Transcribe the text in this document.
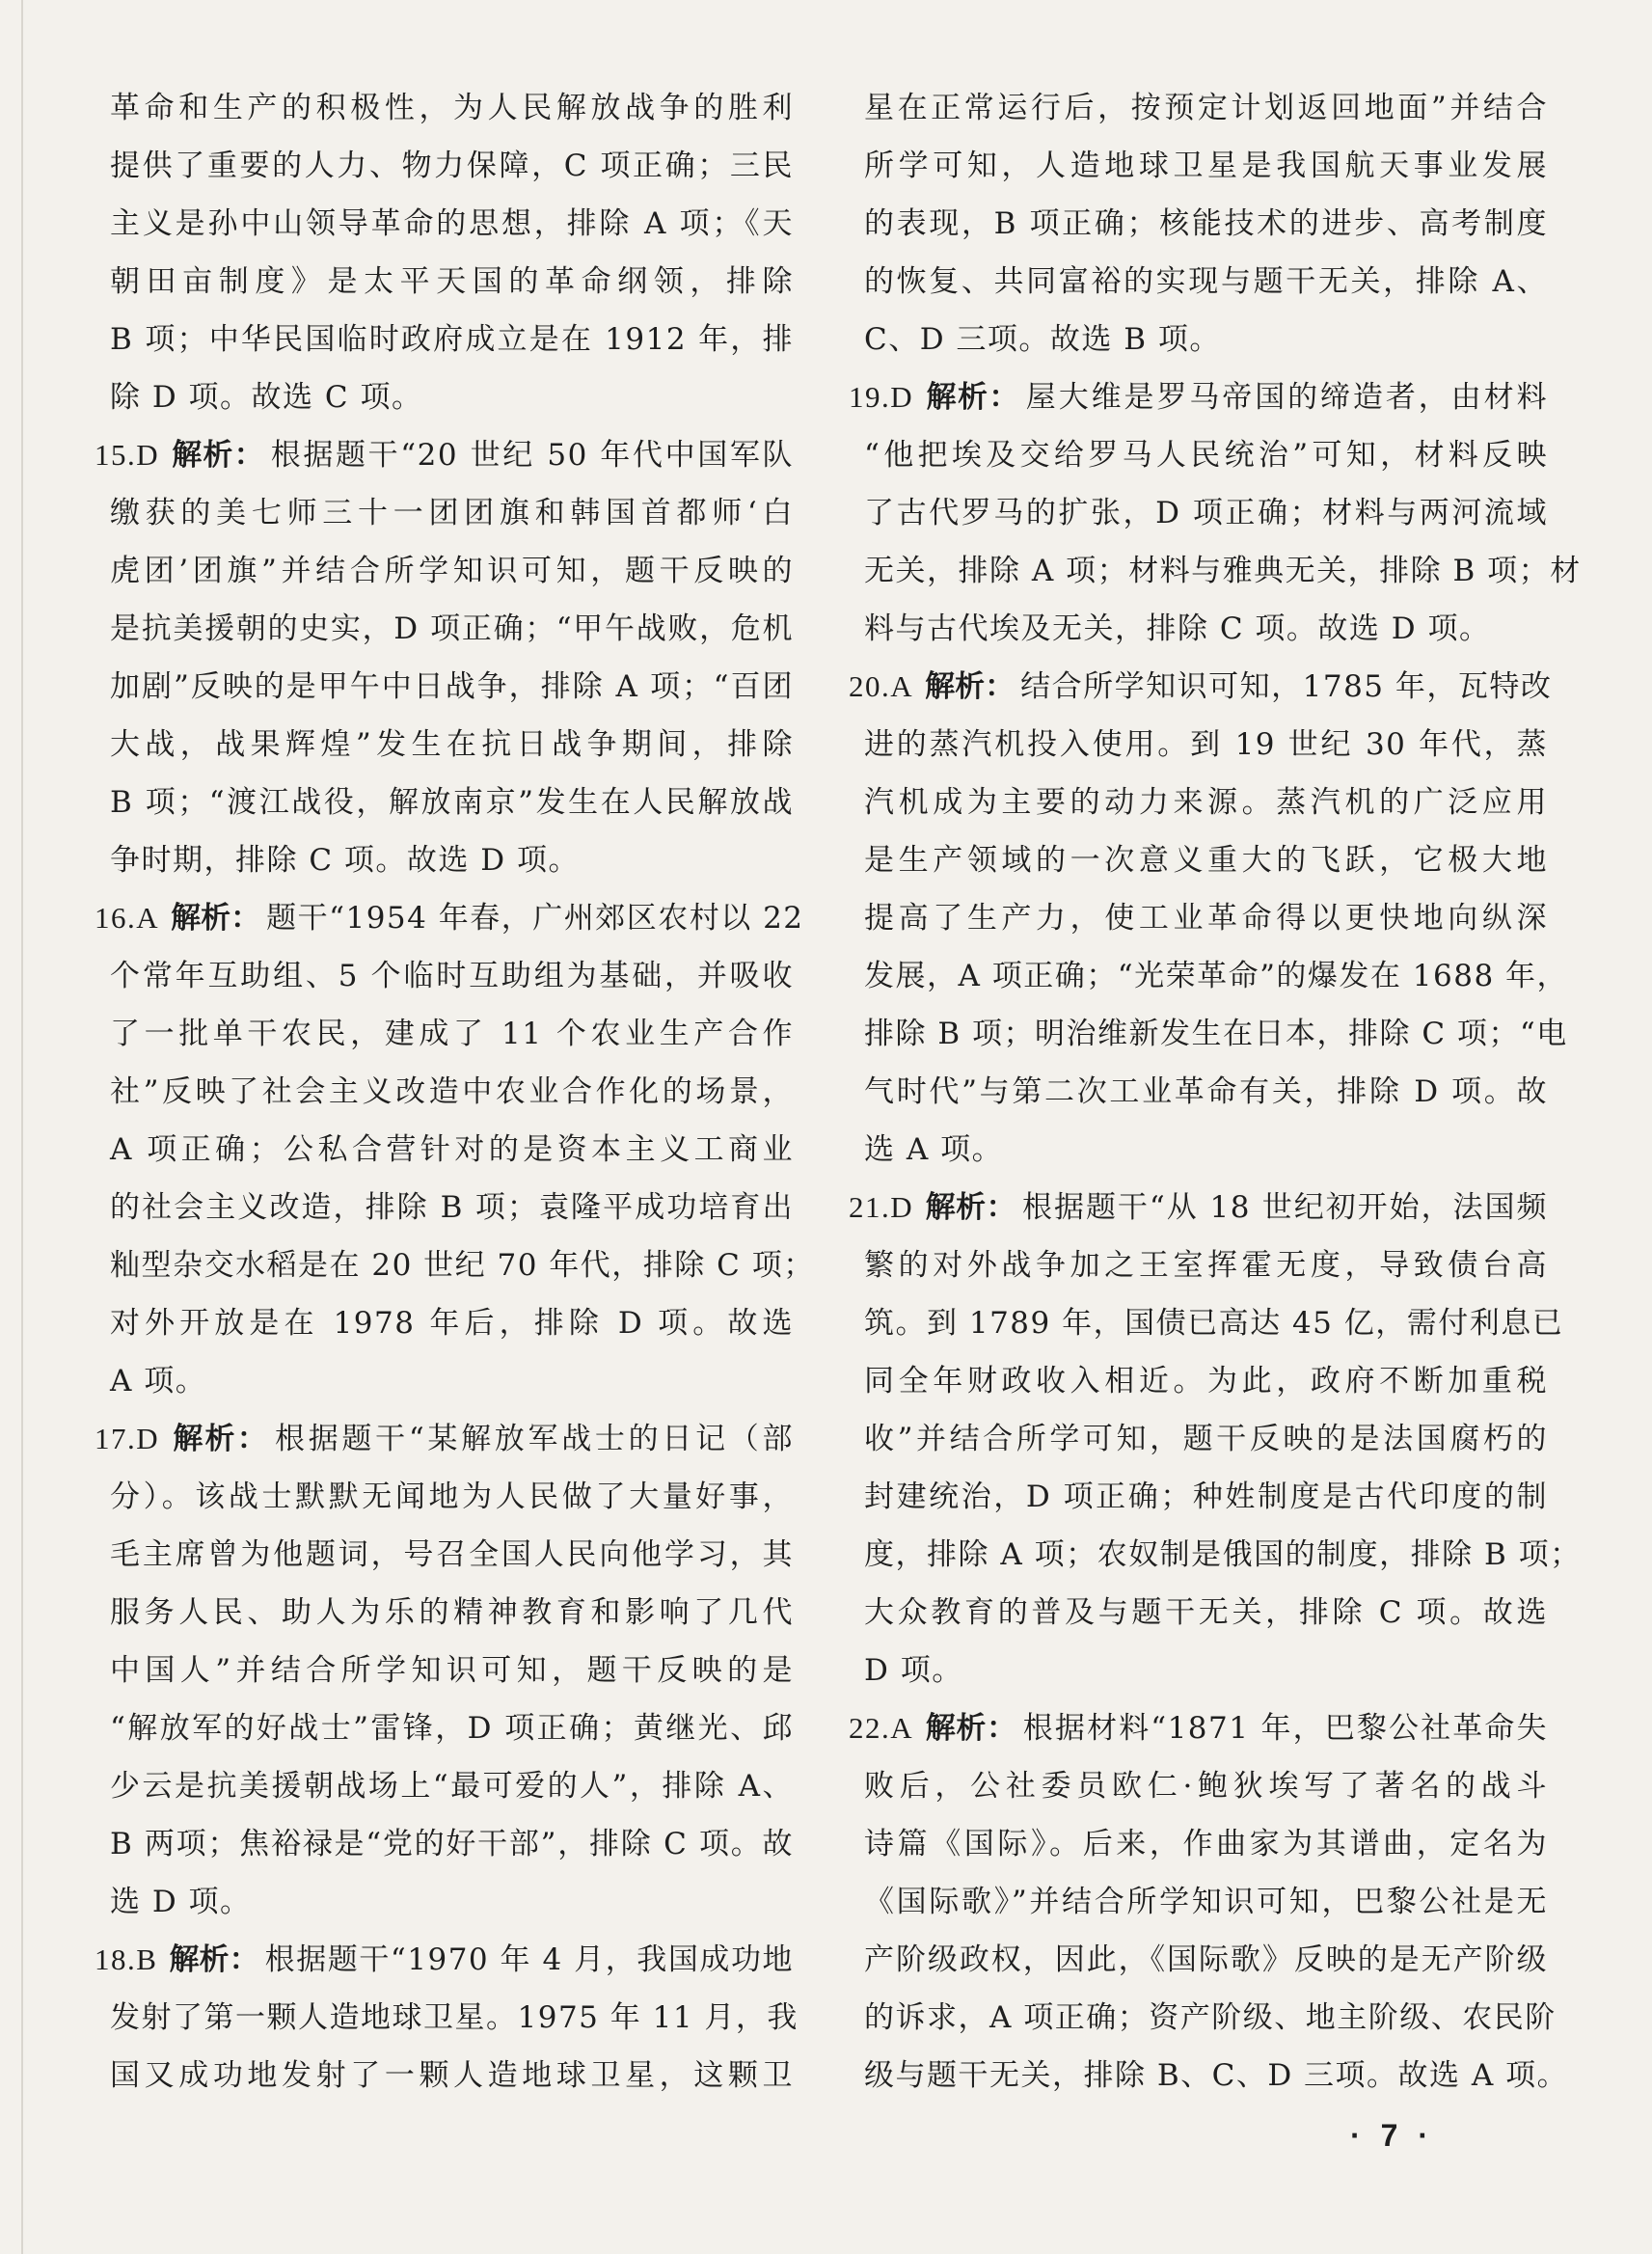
革命和生产的积极性，为人民解放战争的胜利
提供了重要的人力、物力保障，C 项正确；三民
主义是孙中山领导革命的思想，排除 A 项；《天
朝田亩制度》是太平天国的革命纲领，排除
B 项；中华民国临时政府成立是在 1912 年，排
除 D 项。故选 C 项。
15.D 解析： 根据题干“20 世纪 50 年代中国军队
缴获的美七师三十一团团旗和韩国首都师‘白
虎团’团旗”并结合所学知识可知，题干反映的
是抗美援朝的史实，D 项正确；“甲午战败，危机
加剧”反映的是甲午中日战争，排除 A 项；“百团
大战，战果辉煌”发生在抗日战争期间，排除
B 项；“渡江战役，解放南京”发生在人民解放战
争时期，排除 C 项。故选 D 项。
16.A 解析： 题干“1954 年春，广州郊区农村以 22
个常年互助组、5 个临时互助组为基础，并吸收
了一批单干农民，建成了 11 个农业生产合作
社”反映了社会主义改造中农业合作化的场景，
A 项正确；公私合营针对的是资本主义工商业
的社会主义改造，排除 B 项；袁隆平成功培育出
籼型杂交水稻是在 20 世纪 70 年代，排除 C 项；
对外开放是在 1978 年后，排除 D 项。故选
A 项。
17.D 解析： 根据题干“某解放军战士的日记（部
分）。该战士默默无闻地为人民做了大量好事，
毛主席曾为他题词，号召全国人民向他学习，其
服务人民、助人为乐的精神教育和影响了几代
中国人”并结合所学知识可知，题干反映的是
“解放军的好战士”雷锋，D 项正确；黄继光、邱
少云是抗美援朝战场上“最可爱的人”，排除 A、
B 两项；焦裕禄是“党的好干部”，排除 C 项。故
选 D 项。
18.B 解析： 根据题干“1970 年 4 月，我国成功地
发射了第一颗人造地球卫星。1975 年 11 月，我
国又成功地发射了一颗人造地球卫星，这颗卫
星在正常运行后，按预定计划返回地面”并结合
所学可知，人造地球卫星是我国航天事业发展
的表现，B 项正确；核能技术的进步、高考制度
的恢复、共同富裕的实现与题干无关，排除 A、
C、D 三项。故选 B 项。
19.D 解析： 屋大维是罗马帝国的缔造者，由材料
“他把埃及交给罗马人民统治”可知，材料反映
了古代罗马的扩张，D 项正确；材料与两河流域
无关，排除 A 项；材料与雅典无关，排除 B 项；材
料与古代埃及无关，排除 C 项。故选 D 项。
20.A 解析： 结合所学知识可知，1785 年，瓦特改
进的蒸汽机投入使用。到 19 世纪 30 年代，蒸
汽机成为主要的动力来源。蒸汽机的广泛应用
是生产领域的一次意义重大的飞跃，它极大地
提高了生产力，使工业革命得以更快地向纵深
发展，A 项正确；“光荣革命”的爆发在 1688 年，
排除 B 项；明治维新发生在日本，排除 C 项；“电
气时代”与第二次工业革命有关，排除 D 项。故
选 A 项。
21.D 解析： 根据题干“从 18 世纪初开始，法国频
繁的对外战争加之王室挥霍无度，导致债台高
筑。到 1789 年，国债已高达 45 亿，需付利息已
同全年财政收入相近。为此，政府不断加重税
收”并结合所学可知，题干反映的是法国腐朽的
封建统治，D 项正确；种姓制度是古代印度的制
度，排除 A 项；农奴制是俄国的制度，排除 B 项；
大众教育的普及与题干无关，排除 C 项。故选
D 项。
22.A 解析： 根据材料“1871 年，巴黎公社革命失
败后，公社委员欧仁·鲍狄埃写了著名的战斗
诗篇《国际》。后来，作曲家为其谱曲，定名为
《国际歌》”并结合所学知识可知，巴黎公社是无
产阶级政权，因此，《国际歌》反映的是无产阶级
的诉求，A 项正确；资产阶级、地主阶级、农民阶
级与题干无关，排除 B、C、D 三项。故选 A 项。
· 7 ·
